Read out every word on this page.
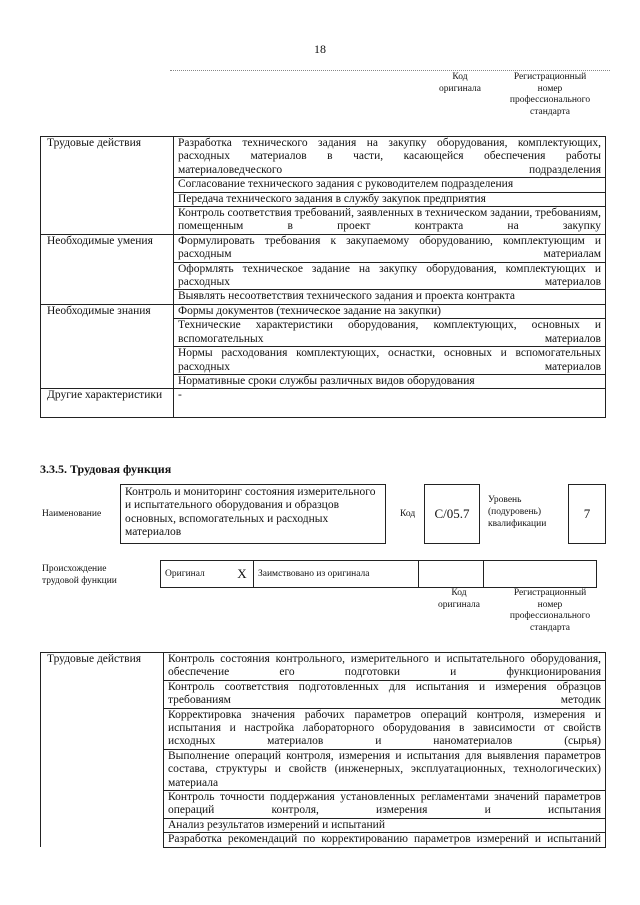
18
Код
оригинала
Регистрационный
номер
профессионального
стандарта
Трудовые действия	Разработка технического задания на закупку оборудования, комплектующих, расходных материалов в части, касающейся обеспечения работы материаловедческого подразделения
	Согласование технического задания с руководителем подразделения
	Передача технического задания в службу закупок предприятия
	Контроль соответствия требований, заявленных в техническом задании, требованиям, помещенным в проект контракта на закупку
Необходимые умения	Формулировать требования к закупаемому оборудованию, комплектующим и расходным материалам
	Оформлять техническое задание на закупку оборудования, комплектующих и расходных материалов
	Выявлять несоответствия технического задания и проекта контракта
Необходимые знания	Формы документов (техническое задание на закупки)
	Технические характеристики оборудования, комплектующих, основных и вспомогательных материалов
	Нормы расходования комплектующих, оснастки, основных и вспомогательных расходных материалов
	Нормативные сроки службы различных видов оборудования
Другие характеристики	-
3.3.5. Трудовая функция
Наименование
Контроль и мониторинг состояния измерительного и испытательного оборудования и образцов основных, вспомогательных и расходных материалов
Код	C/05.7
Уровень
(подуровень)
квалификации
7
Происхождение
трудовой функции
Оригинал	X	Заимствовано из оригинала		
Код
оригинала
Регистрационный
номер
профессионального
стандарта
Трудовые действия	Контроль состояния контрольного, измерительного и испытательного оборудования, обеспечение его подготовки и функционирования
Контроль соответствия подготовленных для испытания и измерения образцов требованиям методик
Корректировка значения рабочих параметров операций контроля, измерения и испытания и настройка лабораторного оборудования в зависимости от свойств исходных материалов и наноматериалов (сырья)
Выполнение операций контроля, измерения и испытания для выявления параметров состава, структуры и свойств (инженерных, эксплуатационных, технологических) материала
Контроль точности поддержания установленных регламентами значений параметров операций контроля, измерения и испытания
Анализ результатов измерений и испытаний
Разработка рекомендаций по корректированию параметров измерений и испытаний
